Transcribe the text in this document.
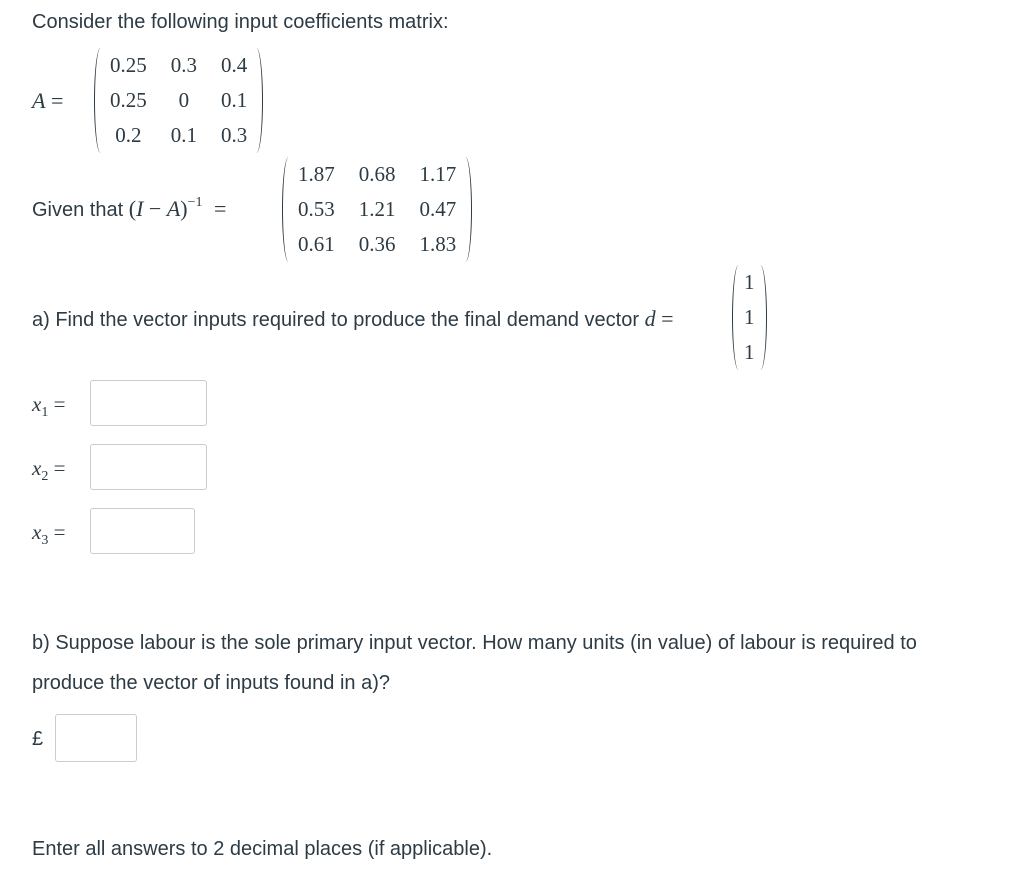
Consider the following input coefficients matrix:
A =
0.25	0.3	0.4
0.25	0	0.1
0.2	0.1	0.3
Given that $(I - A)^{-1}$ =
1.87	0.68	1.17
0.53	1.21	0.47
0.61	0.36	1.83
a) Find the vector inputs required to produce the final demand vector d =
1
1
1
$x_1$ =
$x_2$ =
$x_3$ =
b) Suppose labour is the sole primary input vector. How many units (in value) of labour is required to
produce the vector of inputs found in a)?
£
Enter all answers to 2 decimal places (if applicable).
